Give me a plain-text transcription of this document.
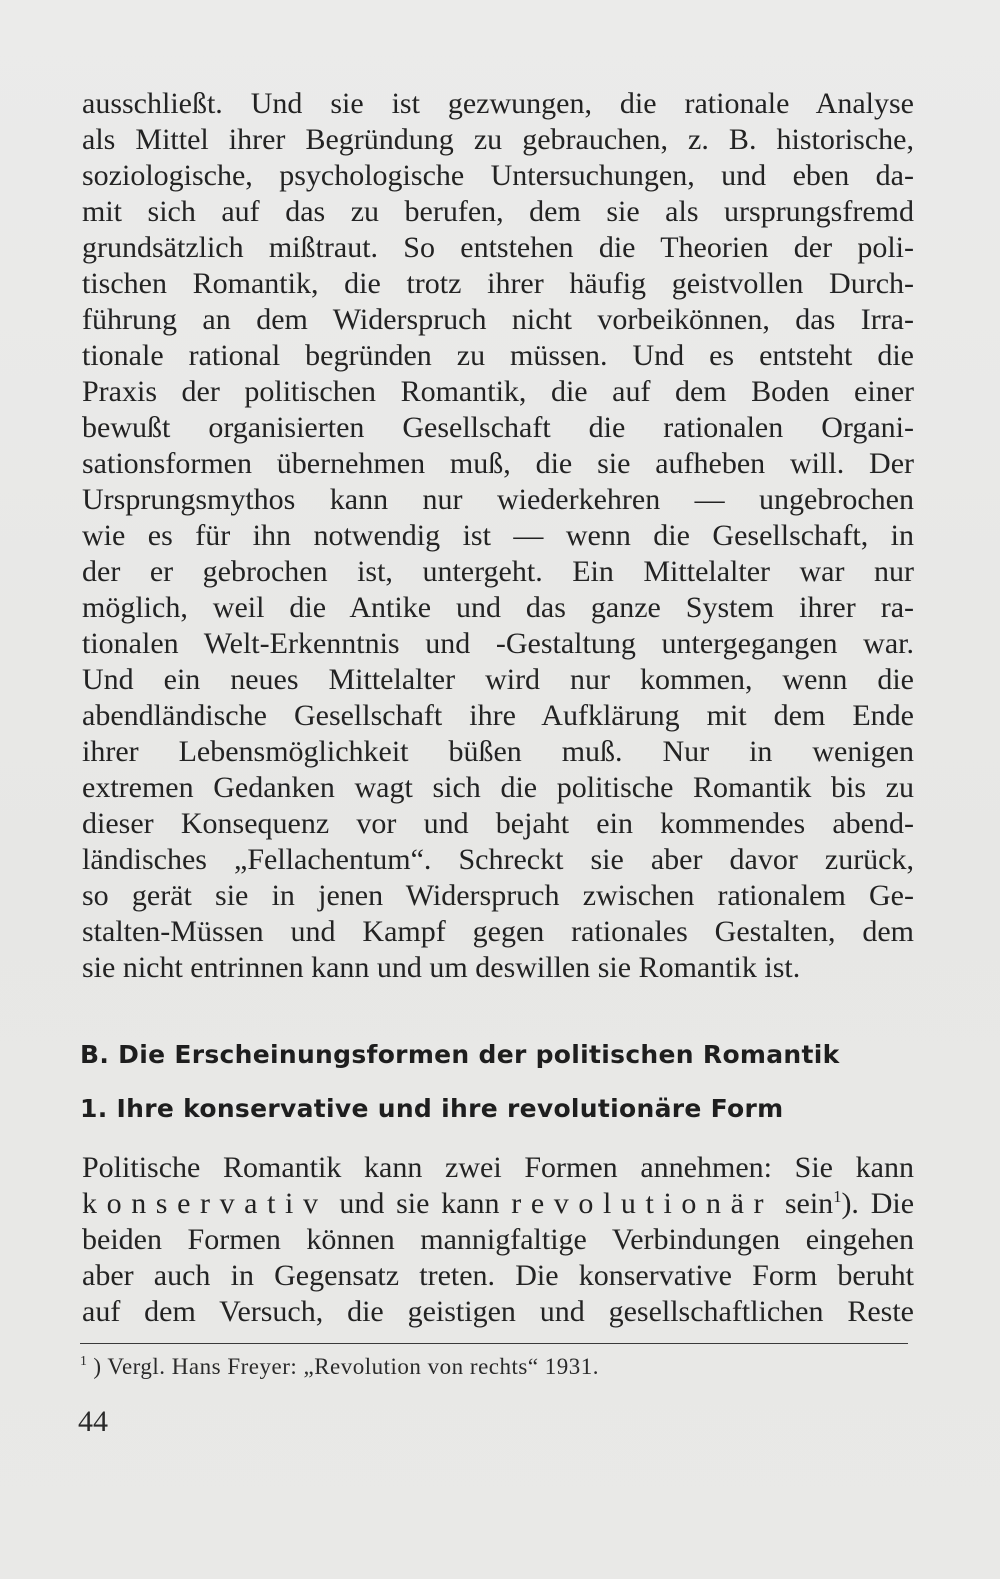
ausschließt. Und sie ist gezwungen, die rationale Analyse
als Mittel ihrer Begründung zu gebrauchen, z. B. historische,
soziologische, psychologische Untersuchungen, und eben da-
mit sich auf das zu berufen, dem sie als ursprungsfremd
grundsätzlich mißtraut. So entstehen die Theorien der poli-
tischen Romantik, die trotz ihrer häufig geistvollen Durch-
führung an dem Widerspruch nicht vorbeikönnen, das Irra-
tionale rational begründen zu müssen. Und es entsteht die
Praxis der politischen Romantik, die auf dem Boden einer
bewußt organisierten Gesellschaft die rationalen Organi-
sationsformen übernehmen muß, die sie aufheben will. Der
Ursprungsmythos kann nur wiederkehren — ungebrochen
wie es für ihn notwendig ist — wenn die Gesellschaft, in
der er gebrochen ist, untergeht. Ein Mittelalter war nur
möglich, weil die Antike und das ganze System ihrer ra-
tionalen Welt-Erkenntnis und -Gestaltung untergegangen war.
Und ein neues Mittelalter wird nur kommen, wenn die
abendländische Gesellschaft ihre Aufklärung mit dem Ende
ihrer Lebensmöglichkeit büßen muß. Nur in wenigen
extremen Gedanken wagt sich die politische Romantik bis zu
dieser Konsequenz vor und bejaht ein kommendes abend-
ländisches „Fellachentum“. Schreckt sie aber davor zurück,
so gerät sie in jenen Widerspruch zwischen rationalem Ge-
stalten-Müssen und Kampf gegen rationales Gestalten, dem
sie nicht entrinnen kann und um deswillen sie Romantik ist.
B. Die Erscheinungsformen der politischen Romantik
1. Ihre konservative und ihre revolutionäre Form
Politische Romantik kann zwei Formen annehmen: Sie kann
konservativ und sie kann revolutionär sein$^1$). Die
beiden Formen können mannigfaltige Verbindungen eingehen
aber auch in Gegensatz treten. Die konservative Form beruht
auf dem Versuch, die geistigen und gesellschaftlichen Reste
$^1$ ) Vergl. Hans Freyer: „Revolution von rechts“ 1931.
44
